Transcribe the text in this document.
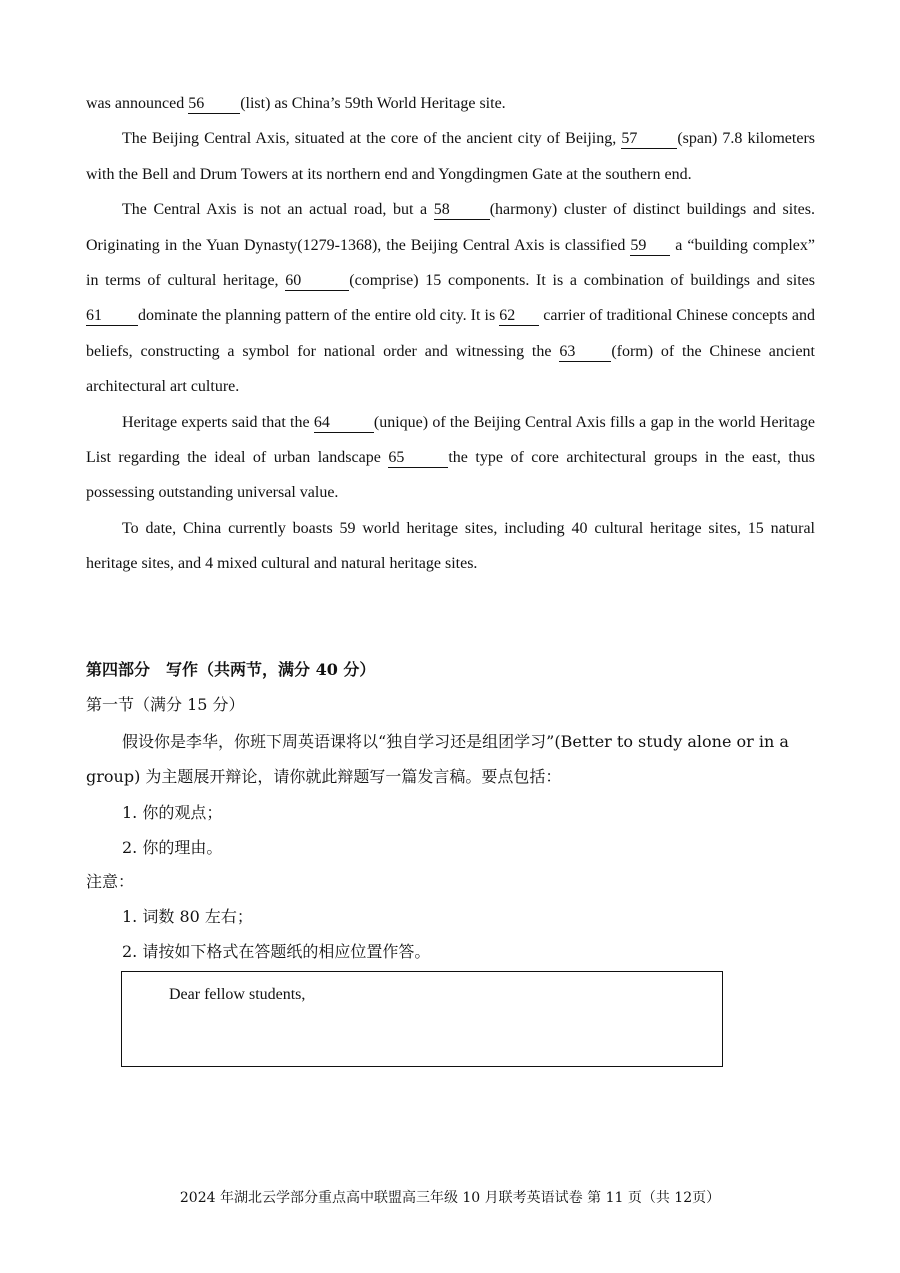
was announced 56 (list) as China’s 59th World Heritage site.

The Beijing Central Axis, situated at the core of the ancient city of Beijing, 57	(span) 7.8 kilometers with the Bell and Drum Towers at its northern end and Yongdingmen Gate at the southern end.

The Central Axis is not an actual road, but a 58	(harmony) cluster of distinct buildings and sites. Originating in the Yuan Dynasty(1279-1368), the Beijing Central Axis is classified 59 a “building complex” in terms of cultural heritage, 60	(comprise) 15 components. It is a combination of buildings and sites 61 dominate the planning pattern of the entire old city. It is 62 carrier of traditional Chinese concepts and beliefs, constructing a symbol for national order and witnessing the 63 (form) of the Chinese ancient architectural art culture.

Heritage experts said that the 64	(unique) of the Beijing Central Axis fills a gap in the world Heritage List regarding the ideal of urban landscape 65	the type of core architectural groups in the east, thus possessing outstanding universal value.

To date, China currently boasts 59 world heritage sites, including 40 cultural heritage sites, 15 natural heritage sites, and 4 mixed cultural and natural heritage sites.

第四部分　写作（共两节，满分 40 分）

第一节（满分 15 分）

假设你是李华，你班下周英语课将以“独自学习还是组团学习”(Better to study alone or in a group) 为主题展开辩论，请你就此辩题写一篇发言稿。要点包括：

1. 你的观点；

2. 你的理由。

注意：

1. 词数 80 左右；

2. 请按如下格式在答题纸的相应位置作答。

Dear fellow students,
2024 年湖北云学部分重点高中联盟高三年级 10 月联考英语试卷 第 11 页（共 12页）
